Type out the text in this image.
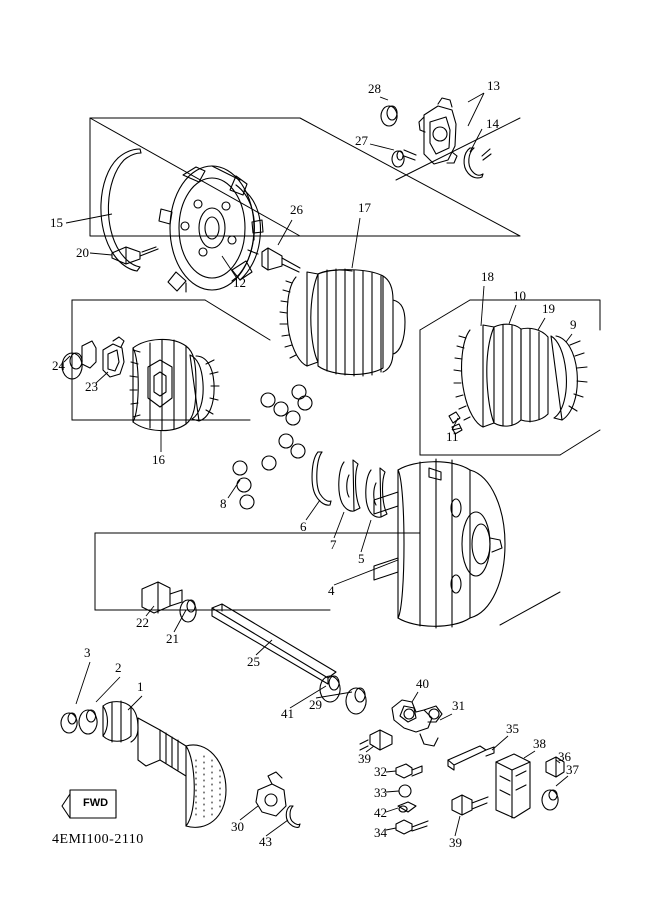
15
20
12
26	17
28
27
13
14
18
10
19
9
11
24
23
16
8
6
7
5
4
22
21
25
41
29
3
2
1
30
43
39
32
33
42
34
40
31
35
38
36
37
39
FWD
4EMI100-2110
